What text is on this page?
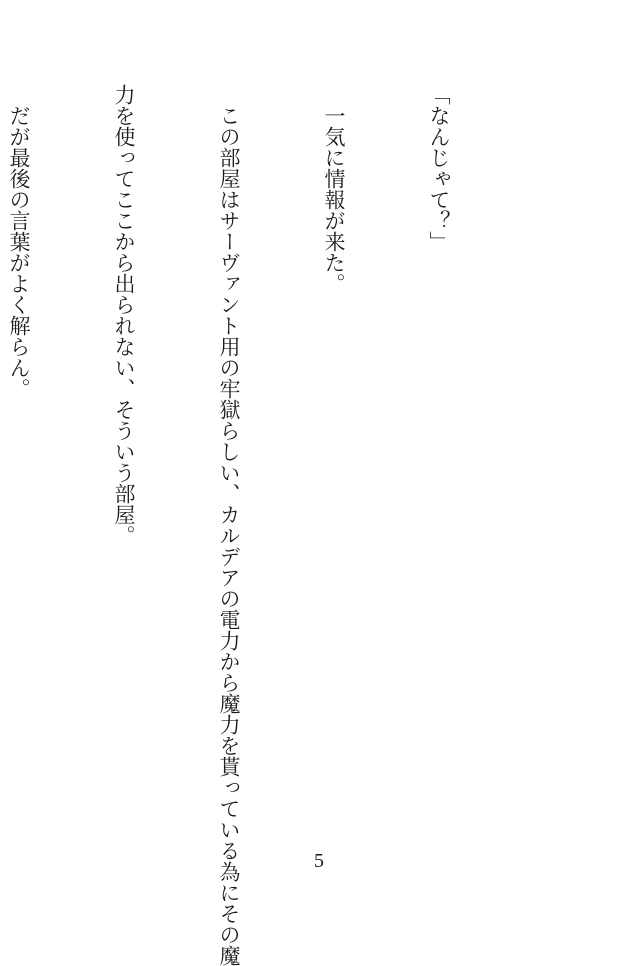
「なんじゃて？」

　一気に情報が来た。

　この部屋はサーヴァント用の牢獄らしい、カルデアの電力から魔力を貰っている為にその魔

力を使ってここから出られない、そういう部屋。

　だが最後の言葉がよく解らん。

5
